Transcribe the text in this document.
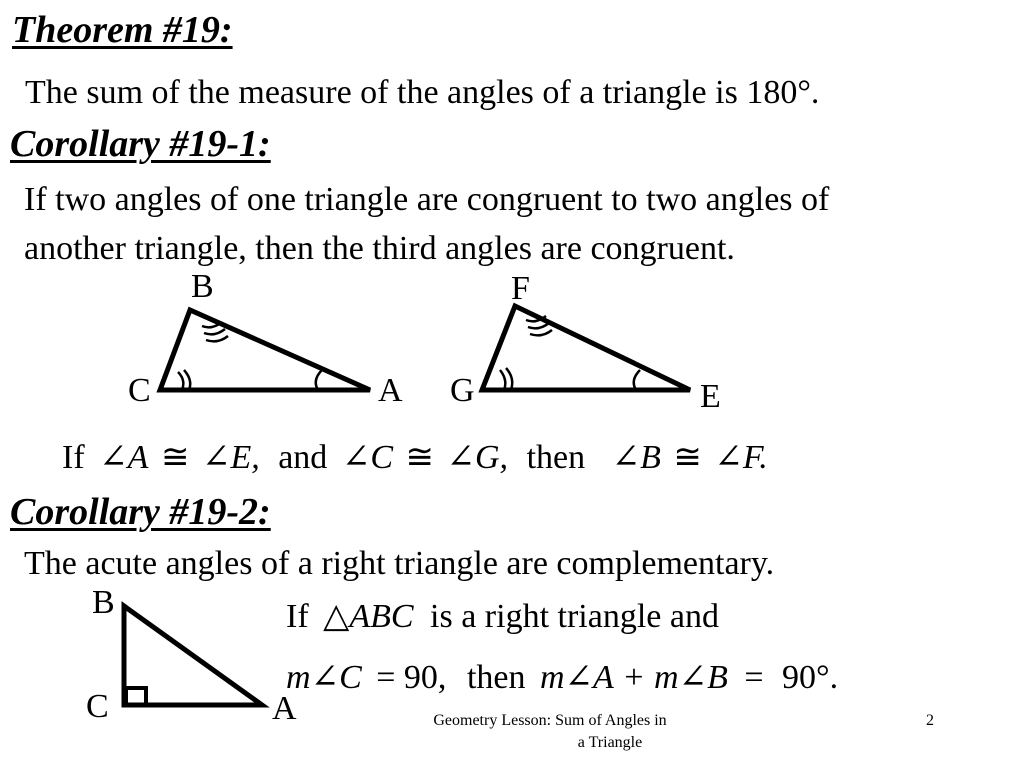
Theorem #19:
The sum of the measure of the angles of a triangle is 180°.
Corollary #19-1:
If two angles of one triangle are congruent to two angles of
another triangle, then the third angles are congruent.
B
C	A
F
G	E
If ∠A ≅ ∠E, and ∠C ≅ ∠G, then ∠B ≅ ∠F.
Corollary #19-2:
The acute angles of a right triangle are complementary.
B
C	A
If △ABC is a right triangle and
m∠C = 90, then m∠A + m∠B = 90°.
Geometry Lesson: Sum of Angles in
a Triangle
2
